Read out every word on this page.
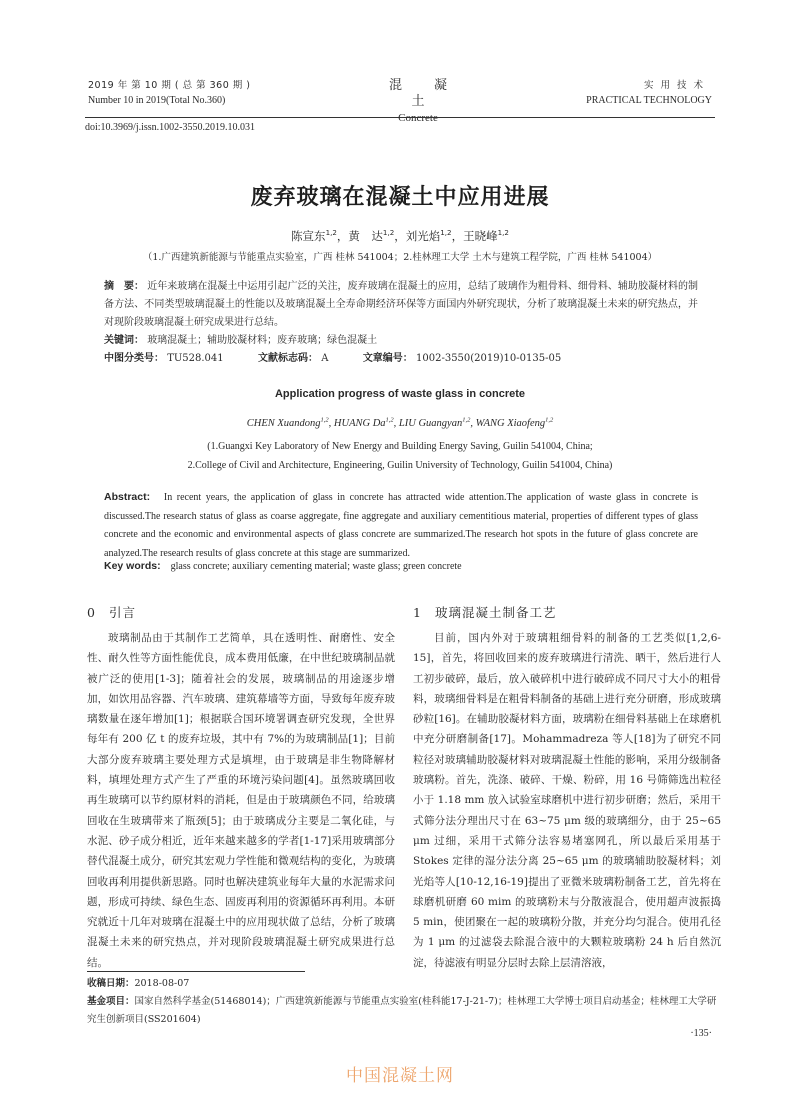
2019 年 第 10 期 ( 总 第 360 期 )
Number 10 in 2019(Total No.360)
混凝土
Concrete
实用技术
PRACTICAL TECHNOLOGY
doi:10.3969/j.issn.1002-3550.2019.10.031
废弃玻璃在混凝土中应用进展
陈宣东$^{1,2}$，黄　达$^{1,2}$，刘光焰$^{1,2}$，王晓峰$^{1,2}$
（1.广西建筑新能源与节能重点实验室，广西 桂林 541004；2.桂林理工大学 土木与建筑工程学院，广西 桂林 541004）
摘　要： 近年来玻璃在混凝土中运用引起广泛的关注，废弃玻璃在混凝土的应用，总结了玻璃作为粗骨料、细骨料、辅助胶凝材料的制备方法、不同类型玻璃混凝土的性能以及玻璃混凝土全寿命期经济环保等方面国内外研究现状，分析了玻璃混凝土未来的研究热点，并对现阶段玻璃混凝土研究成果进行总结。
关键词： 玻璃混凝土；辅助胶凝材料；废弃玻璃；绿色混凝土
中图分类号： TU528.041	文献标志码： A	文章编号： 1002-3550(2019)10-0135-05
Application progress of waste glass in concrete
CHEN Xuandong$^{1,2}$, HUANG Da$^{1,2}$, LIU Guangyan$^{1,2}$, WANG Xiaofeng$^{1,2}$
(1.Guangxi Key Laboratory of New Energy and Building Energy Saving, Guilin 541004, China;
2.College of Civil and Architecture, Engineering, Guilin University of Technology, Guilin 541004, China)
Abstract: In recent years, the application of glass in concrete has attracted wide attention.The application of waste glass in concrete is discussed.The research status of glass as coarse aggregate, fine aggregate and auxiliary cementitious material, properties of different types of glass concrete and the economic and environmental aspects of glass concrete are summarized.The research hot spots in the future of glass concrete are analyzed.The research results of glass concrete at this stage are summarized.
Key words: glass concrete; auxiliary cementing material; waste glass; green concrete
0 引言

玻璃制品由于其制作工艺简单，具在透明性、耐磨性、安全性、耐久性等方面性能优良，成本费用低廉，在中世纪玻璃制品就被广泛的使用[1-3]；随着社会的发展，玻璃制品的用途逐步增加，如饮用品容器、汽车玻璃、建筑幕墙等方面，导致每年废弃玻璃数量在逐年增加[1]；根据联合国环境署调查研究发现，全世界每年有 200 亿 t 的废弃垃圾，其中有 7%的为玻璃制品[1]；目前大部分废弃玻璃主要处理方式是填埋，由于玻璃是非生物降解材料，填埋处理方式产生了严重的环境污染问题[4]。虽然玻璃回收再生玻璃可以节约原材料的消耗，但是由于玻璃颜色不同，给玻璃回收在生玻璃带来了瓶颈[5]；由于玻璃成分主要是二氧化硅，与水泥、砂子成分相近，近年来越来越多的学者[1-17]采用玻璃部分替代混凝土成分，研究其宏观力学性能和微观结构的变化，为玻璃回收再利用提供新思路。同时也解决建筑业每年大量的水泥需求问题，形成可持续、绿色生态、固废再利用的资源循环再利用。本研究就近十几年对玻璃在混凝土中的应用现状做了总结，分析了玻璃混凝土未来的研究热点，并对现阶段玻璃混凝土研究成果进行总结。

1 玻璃混凝土制备工艺

目前，国内外对于玻璃粗细骨料的制备的工艺类似[1,2,6-15]，首先，将回收回来的废弃玻璃进行清洗、晒干，然后进行人工初步破碎，最后，放入破碎机中进行破碎成不同尺寸大小的粗骨料，玻璃细骨料是在粗骨料制备的基础上进行充分研磨，形成玻璃砂粒[16]。在辅助胶凝材料方面，玻璃粉在细骨料基础上在球磨机中充分研磨制备[17]。Mohammadreza 等人[18]为了研究不同粒径对玻璃辅助胶凝材料对玻璃混凝土性能的影响，采用分级制备玻璃粉。首先，洗涤、破碎、干燥、粉碎，用 16 号筛筛选出粒径小于 1.18 mm 放入试验室球磨机中进行初步研磨；然后，采用干式筛分法分理出尺寸在 63~75 μm 级的玻璃细分，由于 25~65 μm 过细，采用干式筛分法容易堵塞网孔，所以最后采用基于 Stokes 定律的湿分法分离 25~65 μm 的玻璃辅助胶凝材料；刘光焰等人[10-12,16-19]提出了亚微米玻璃粉制备工艺，首先将在球磨机研磨 60 mim 的玻璃粉末与分散液混合，使用超声波振捣 5 min，使团聚在一起的玻璃粉分散，并充分均匀混合。使用孔径为 1 μm 的过滤袋去除混合液中的大颗粒玻璃粉 24 h 后自然沉淀，待滤液有明显分层时去除上层清溶液，

收稿日期：2018-08-07
基金项目：国家自然科学基金(51468014)；广西建筑新能源与节能重点实验室(桂科能17-J-21-7)；桂林理工大学博士项目启动基金；桂林理工大学研究生创新项目(SS201604)
·135·
中国混凝土网
